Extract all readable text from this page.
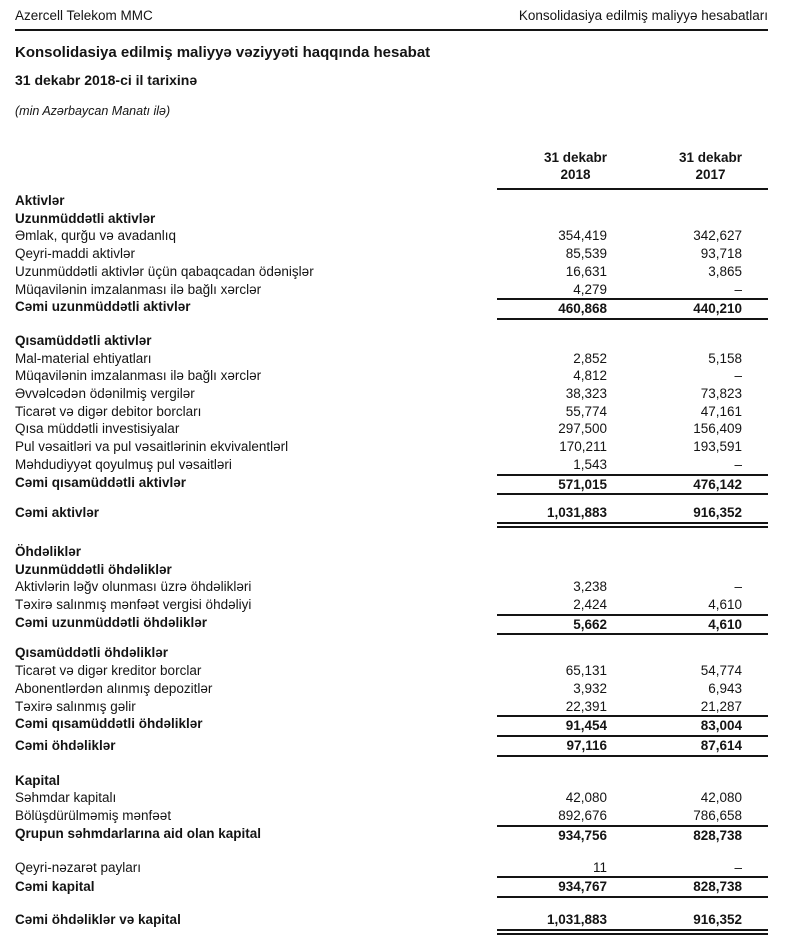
Azercell Telekom MMC	Konsolidasiya edilmiş maliyyə hesabatları
Konsolidasiya edilmiş maliyyə vəziyyəti haqqında hesabat
31 dekabr 2018-ci il tarixinə
(min Azərbaycan Manatı ilə)
31 dekabr
2018
31 dekabr
2017
Aktivlər
Uzunmüddətli aktivlər
Əmlak, qurğu və avadanlıq	354,419	342,627
Qeyri-maddi aktivlər	85,539	93,718
Uzunmüddətli aktivlər üçün qabaqcadan ödənişlər	16,631	3,865
Müqavilənin imzalanması ilə bağlı xərclər	4,279	–
Cəmi uzunmüddətli aktivlər	460,868	440,210
Qısamüddətli aktivlər
Mal-material ehtiyatları	2,852	5,158
Müqavilənin imzalanması ilə bağlı xərclər	4,812	–
Əvvəlcədən ödənilmiş vergilər	38,323	73,823
Ticarət və digər debitor borcları	55,774	47,161
Qısa müddətli investisiyalar	297,500	156,409
Pul vəsaitləri va pul vəsaitlərinin ekvivalentlərl	170,211	193,591
Məhdudiyyət qoyulmuş pul vəsaitləri	1,543	–
Cəmi qısamüddətli aktivlər	571,015	476,142
Cəmi aktivlər	1,031,883	916,352
Öhdəliklər
Uzunmüddətli öhdəliklər
Aktivlərin ləğv olunması üzrə öhdəlikləri	3,238	–
Təxirə salınmış mənfəət vergisi öhdəliyi	2,424	4,610
Cəmi uzunmüddətli öhdəliklər	5,662	4,610
Qısamüddətli öhdəliklər
Ticarət və digər kreditor borclar	65,131	54,774
Abonentlərdən alınmış depozitlər	3,932	6,943
Təxirə salınmış gəlir	22,391	21,287
Cəmi qısamüddətli öhdəliklər	91,454	83,004
Cəmi öhdəliklər	97,116	87,614
Kapital
Səhmdar kapitalı	42,080	42,080
Bölüşdürülməmiş mənfəət	892,676	786,658
Qrupun səhmdarlarına aid olan kapital	934,756	828,738
Qeyri-nəzarət payları	11	–
Cəmi kapital	934,767	828,738
Cəmi öhdəliklər və kapital	1,031,883	916,352
